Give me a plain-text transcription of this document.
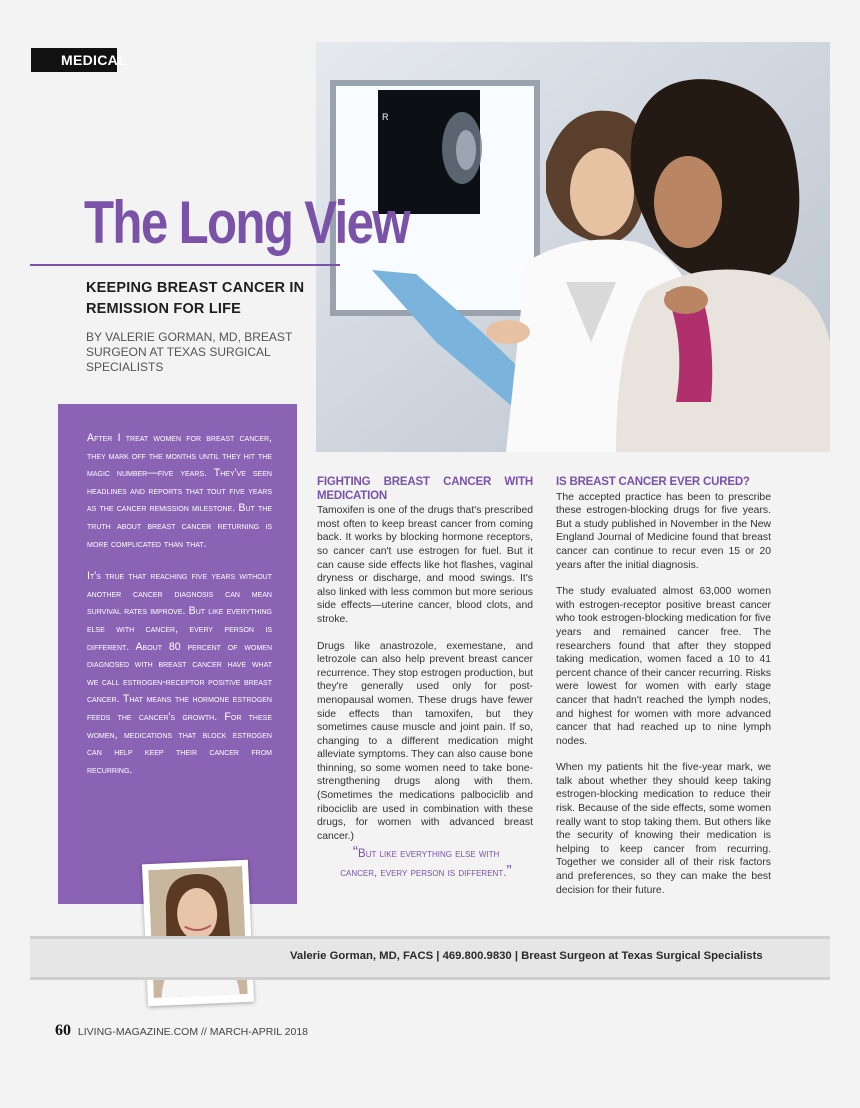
MEDICAL
R
The Long View
KEEPING BREAST CANCER IN REMISSION FOR LIFE
BY VALERIE GORMAN, MD, BREAST SURGEON AT TEXAS SURGICAL SPECIALISTS

After I treat women for breast cancer, they mark off the months until they hit the magic number—five years. They've seen headlines and reports that tout five years as the cancer remission milestone. But the truth about breast cancer returning is more complicated than that.

It's true that reaching five years without another cancer diagnosis can mean survival rates improve. But like everything else with cancer, every person is different. About 80 percent of women diagnosed with breast cancer have what we call estrogen-receptor positive breast cancer. That means the hormone estrogen feeds the cancer's growth. For these women, medications that block estrogen can help keep their cancer from recurring.

FIGHTING BREAST CANCER WITH MEDICATION

Tamoxifen is one of the drugs that's prescribed most often to keep breast cancer from coming back. It works by blocking hormone receptors, so cancer can't use estrogen for fuel. But it can cause side effects like hot flashes, vaginal dryness or discharge, and mood swings. It's also linked with less common but more serious side effects—uterine cancer, blood clots, and stroke.

Drugs like anastrozole, exemestane, and letrozole can also help prevent breast cancer recurrence. They stop estrogen production, but they're generally used only for post-menopausal women. These drugs have fewer side effects than tamoxifen, but they sometimes cause muscle and joint pain. If so, changing to a different medication might alleviate symptoms. They can also cause bone thinning, so some women need to take bone-strengthening drugs along with them. (Sometimes the medications palbociclib and ribociclib are used in combination with these drugs, for women with advanced breast cancer.)

“But like everything else with cancer, every person is different.”
IS BREAST CANCER EVER CURED?

The accepted practice has been to prescribe these estrogen-blocking drugs for five years. But a study published in November in the New England Journal of Medicine found that breast cancer can continue to recur even 15 or 20 years after the initial diagnosis.

The study evaluated almost 63,000 women with estrogen-receptor positive breast cancer who took estrogen-blocking medication for five years and remained cancer free. The researchers found that after they stopped taking medication, women faced a 10 to 41 percent chance of their cancer recurring. Risks were lowest for women with early stage cancer that hadn't reached the lymph nodes, and highest for women with more advanced cancer that had reached up to nine lymph nodes.

When my patients hit the five-year mark, we talk about whether they should keep taking estrogen-blocking medication to reduce their risk. Because of the side effects, some women really want to stop taking them. But others like the security of knowing their medication is helping to keep cancer from recurring. Together we consider all of their risk factors and preferences, so they can make the best decision for their future.

Valerie Gorman, MD, FACS | 469.800.9830 | Breast Surgeon at Texas Surgical Specialists
60 LIVING-MAGAZINE.COM // MARCH-APRIL 2018
